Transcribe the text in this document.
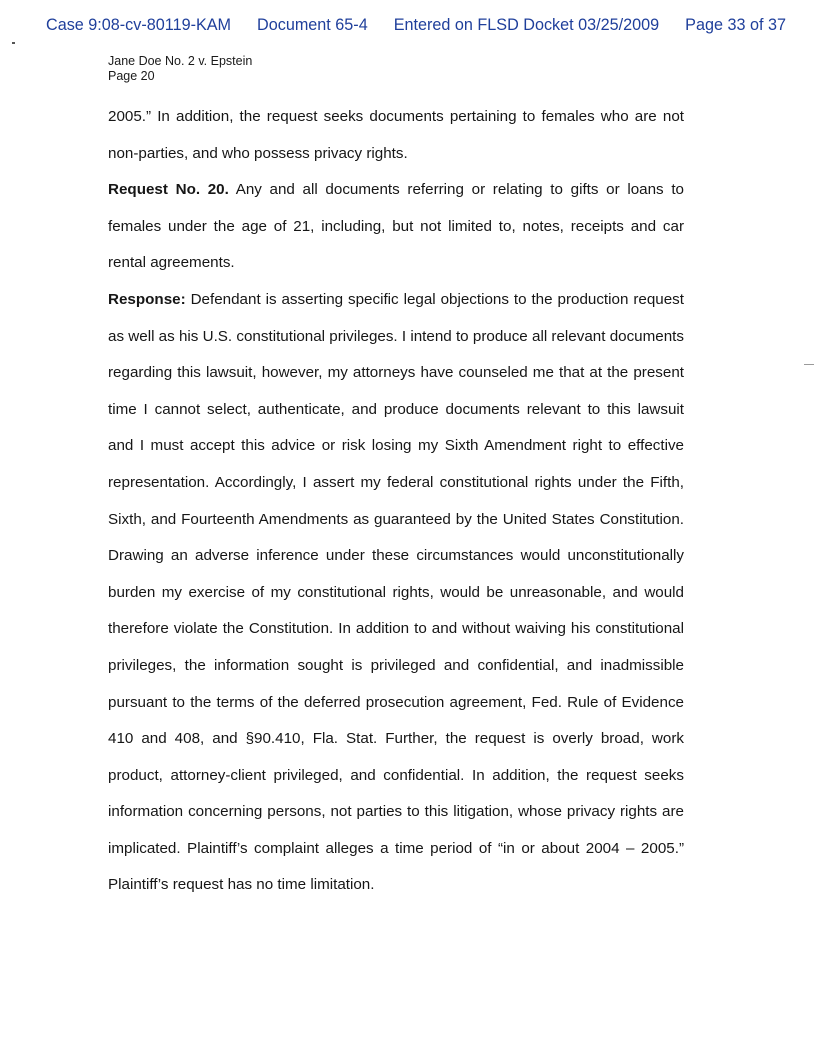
Case 9:08-cv-80119-KAM Document 65-4 Entered on FLSD Docket 03/25/2009 Page 33 of 37
Jane Doe No. 2 v. Epstein
Page 20

2005.” In addition, the request seeks documents pertaining to females who are not non-parties, and who possess privacy rights.

Request No. 20. Any and all documents referring or relating to gifts or loans to females under the age of 21, including, but not limited to, notes, receipts and car rental agreements.

Response: Defendant is asserting specific legal objections to the production request as well as his U.S. constitutional privileges. I intend to produce all relevant documents regarding this lawsuit, however, my attorneys have counseled me that at the present time I cannot select, authenticate, and produce documents relevant to this lawsuit and I must accept this advice or risk losing my Sixth Amendment right to effective representation. Accordingly, I assert my federal constitutional rights under the Fifth, Sixth, and Fourteenth Amendments as guaranteed by the United States Constitution. Drawing an adverse inference under these circumstances would unconstitutionally burden my exercise of my constitutional rights, would be unreasonable, and would therefore violate the Constitution. In addition to and without waiving his constitutional privileges, the information sought is privileged and confidential, and inadmissible pursuant to the terms of the deferred prosecution agreement, Fed. Rule of Evidence 410 and 408, and §90.410, Fla. Stat. Further, the request is overly broad, work product, attorney-client privileged, and confidential. In addition, the request seeks information concerning persons, not parties to this litigation, whose privacy rights are implicated. Plaintiff’s complaint alleges a time period of “in or about 2004 – 2005.” Plaintiff’s request has no time limitation.
